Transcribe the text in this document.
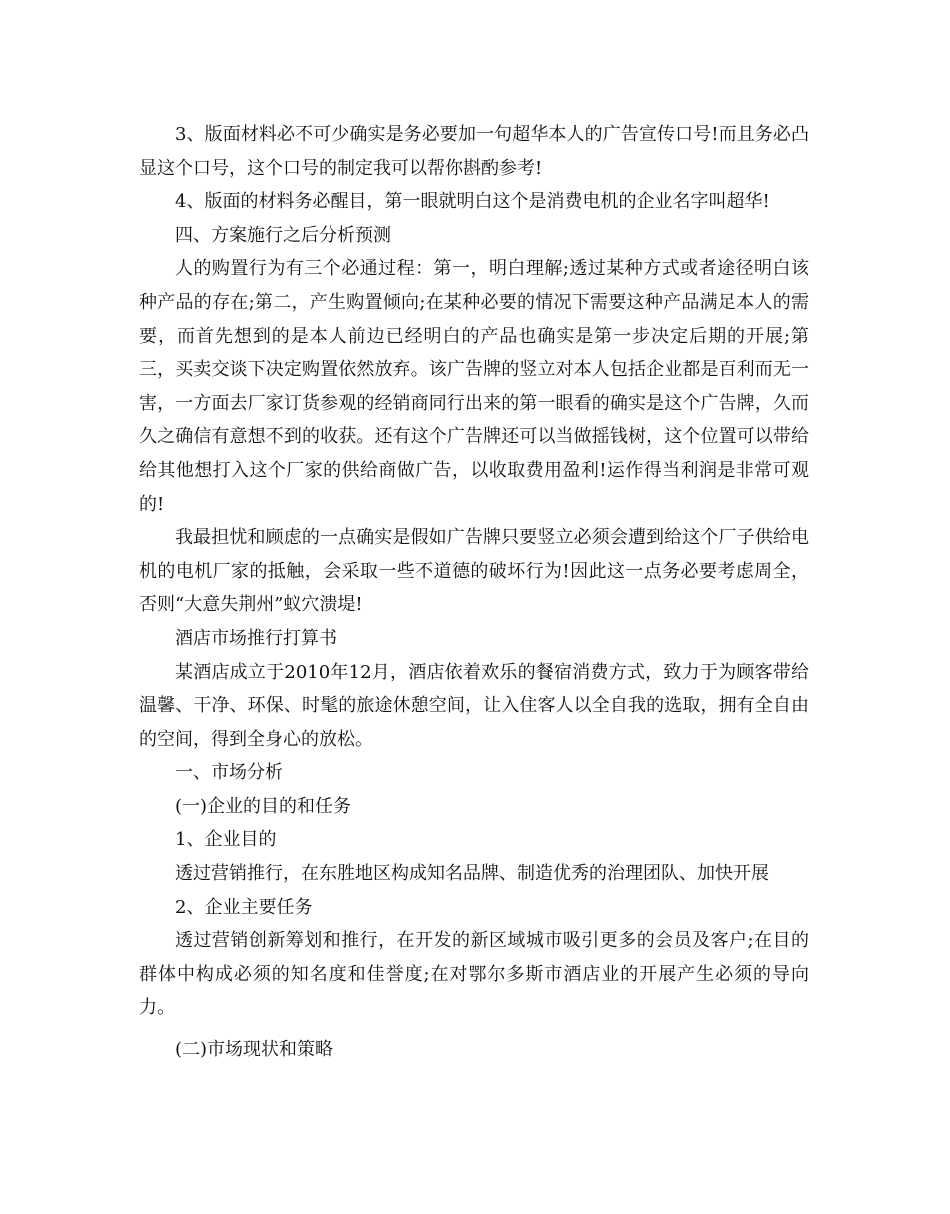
3、版面材料必不可少确实是务必要加一句超华本人的广告宣传口号!而且务必凸显这个口号，这个口号的制定我可以帮你斟酌参考!

4、版面的材料务必醒目，第一眼就明白这个是消费电机的企业名字叫超华!

四、方案施行之后分析预测

人的购置行为有三个必通过程：第一，明白理解;透过某种方式或者途径明白该种产品的存在;第二，产生购置倾向;在某种必要的情况下需要这种产品满足本人的需要，而首先想到的是本人前边已经明白的产品也确实是第一步决定后期的开展;第三，买卖交谈下决定购置依然放弃。该广告牌的竖立对本人包括企业都是百利而无一害，一方面去厂家订货参观的经销商同行出来的第一眼看的确实是这个广告牌，久而久之确信有意想不到的收获。还有这个广告牌还可以当做摇钱树，这个位置可以带给给其他想打入这个厂家的供给商做广告，以收取费用盈利!运作得当利润是非常可观的!

我最担忧和顾虑的一点确实是假如广告牌只要竖立必须会遭到给这个厂子供给电机的电机厂家的抵触，会采取一些不道德的破坏行为!因此这一点务必要考虑周全，否则“大意失荆州”蚁穴溃堤!

酒店市场推行打算书

某酒店成立于2010年12月，酒店依着欢乐的餐宿消费方式，致力于为顾客带给温馨、干净、环保、时髦的旅途休憩空间，让入住客人以全自我的选取，拥有全自由的空间，得到全身心的放松。

一、市场分析

(一)企业的目的和任务

1、企业目的

透过营销推行，在东胜地区构成知名品牌、制造优秀的治理团队、加快开展

2、企业主要任务

透过营销创新筹划和推行，在开发的新区域城市吸引更多的会员及客户;在目的群体中构成必须的知名度和佳誉度;在对鄂尔多斯市酒店业的开展产生必须的导向力。

(二)市场现状和策略
